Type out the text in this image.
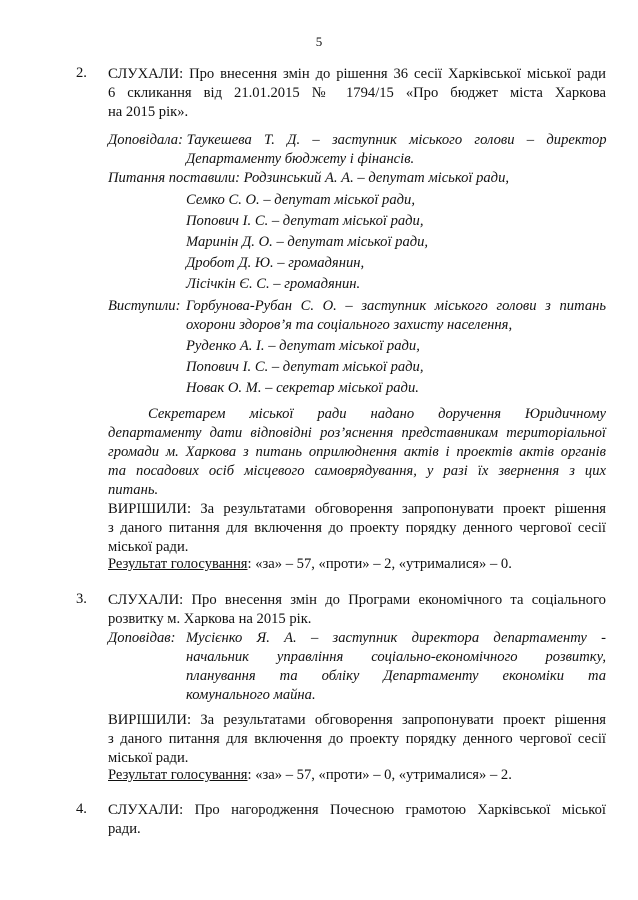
5
2. СЛУХАЛИ: Про внесення змін до рішення 36 сесії Харківської міської ради
6 скликання від 21.01.2015 № 1794/15 «Про бюджет міста Харкова
на 2015 рік».
Доповідала: Таукешева Т. Д. – заступник міського голови – директор
Департаменту бюджету і фінансів.
Питання поставили: Родзинський А. А. – депутат міської ради,
Семко С. О. – депутат міської ради,
Попович І. С. – депутат міської ради,
Маринін Д. О. – депутат міської ради,
Дробот Д. Ю. – громадянин,
Лісічкін Є. С. – громадянин.
Виступили: Горбунова-Рубан С. О. – заступник міського голови з питань
охорони здоров’я та соціального захисту населення,
Руденко А. І. – депутат міської ради,
Попович І. С. – депутат міської ради,
Новак О. М. – секретар міської ради.
Секретарем міської ради надано доручення Юридичному
департаменту дати відповідні роз’яснення представникам територіальної
громади м. Харкова з питань оприлюднення актів і проектів актів органів
та посадових осіб місцевого самоврядування, у разі їх звернення з цих
питань.
ВИРІШИЛИ: За результатами обговорення запропонувати проект рішення
з даного питання для включення до проекту порядку денного чергової сесії
міської ради.
Результат голосування: «за» – 57, «проти» – 2, «утрималися» – 0.
3. СЛУХАЛИ: Про внесення змін до Програми економічного та соціального
розвитку м. Харкова на 2015 рік.
Доповідав: Мусієнко Я. А. – заступник директора департаменту -
начальник управління соціально-економічного розвитку,
планування та обліку Департаменту економіки та
комунального майна.
ВИРІШИЛИ: За результатами обговорення запропонувати проект рішення
з даного питання для включення до проекту порядку денного чергової сесії
міської ради.
Результат голосування: «за» – 57, «проти» – 0, «утрималися» – 2.
4. СЛУХАЛИ: Про нагородження Почесною грамотою Харківської міської
ради.
